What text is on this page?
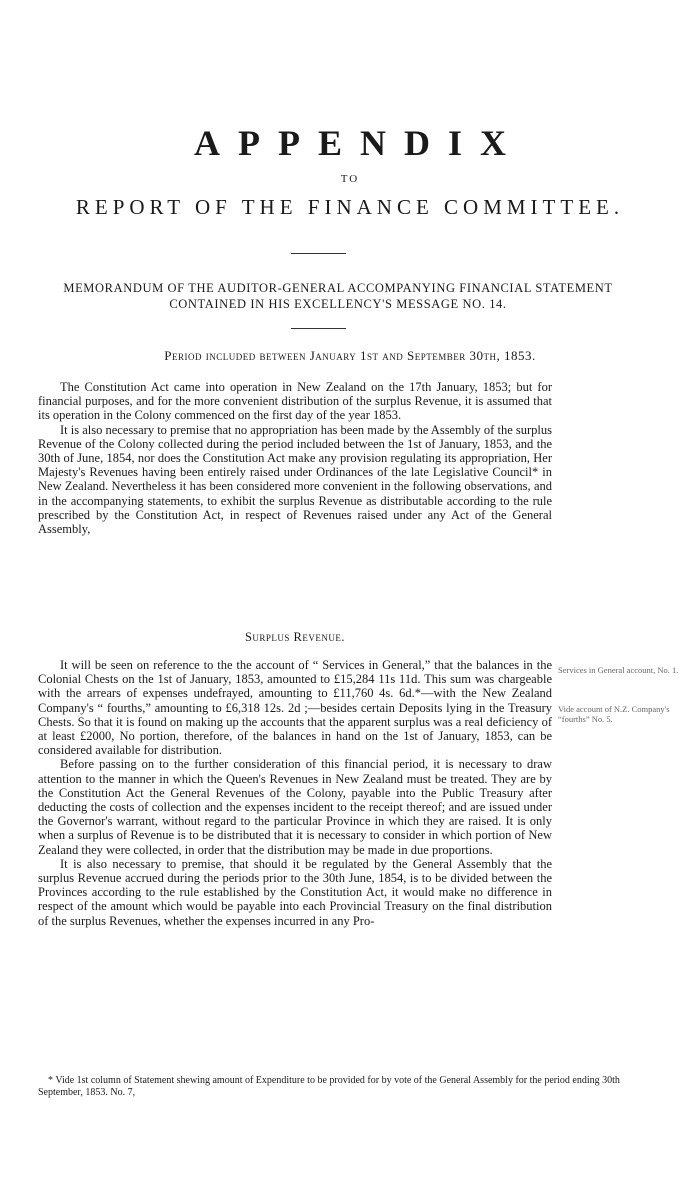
APPENDIX
TO
REPORT OF THE FINANCE COMMITTEE.
MEMORANDUM OF THE AUDITOR-GENERAL ACCOMPANYING FINANCIAL STATEMENT CONTAINED IN HIS EXCELLENCY'S MESSAGE NO. 14.
Period included between January 1st and September 30th, 1853.

The Constitution Act came into operation in New Zealand on the 17th January, 1853; but for financial purposes, and for the more convenient distribution of the surplus Revenue, it is assumed that its operation in the Colony commenced on the first day of the year 1853.

It is also necessary to premise that no appropriation has been made by the Assembly of the surplus Revenue of the Colony collected during the period included between the 1st of January, 1853, and the 30th of June, 1854, nor does the Constitution Act make any provision regulating its appropriation, Her Majesty's Revenues having been entirely raised under Ordinances of the late Legislative Council* in New Zealand. Nevertheless it has been considered more convenient in the following observations, and in the accompanying statements, to exhibit the surplus Revenue as distributable according to the rule prescribed by the Constitution Act, in respect of Revenues raised under any Act of the General Assembly,

Surplus Revenue.

It will be seen on reference to the the account of “ Services in General,” that the balances in the Colonial Chests on the 1st of January, 1853, amounted to £15,284 11s 11d. This sum was chargeable with the arrears of expenses undefrayed, amounting to £11,760 4s. 6d.*—with the New Zealand Company's “ fourths,” amounting to £6,318 12s. 2d ;—besides certain Deposits lying in the Treasury Chests. So that it is found on making up the accounts that the apparent surplus was a real deficiency of at least £2000, No portion, therefore, of the balances in hand on the 1st of January, 1853, can be considered available for distribution.

Before passing on to the further consideration of this financial period, it is necessary to draw attention to the manner in which the Queen's Revenues in New Zealand must be treated. They are by the Constitution Act the General Revenues of the Colony, payable into the Public Treasury after deducting the costs of collection and the expenses incident to the receipt thereof; and are issued under the Governor's warrant, without regard to the particular Province in which they are raised. It is only when a surplus of Revenue is to be distributed that it is necessary to consider in which portion of New Zealand they were collected, in order that the distribution may be made in due proportions.

It is also necessary to premise, that should it be regulated by the General Assembly that the surplus Revenue accrued during the periods prior to the 30th June, 1854, is to be divided between the Provinces according to the rule established by the Constitution Act, it would make no difference in respect of the amount which would be payable into each Provincial Treasury on the final distribution of the surplus Revenues, whether the expenses incurred in any Pro-

Services in General account, No. 1.
Vide account of N.Z. Company's “fourths” No. 5.

* Vide 1st column of Statement shewing amount of Expenditure to be provided for by vote of the General Assembly for the period ending 30th September, 1853. No. 7,
